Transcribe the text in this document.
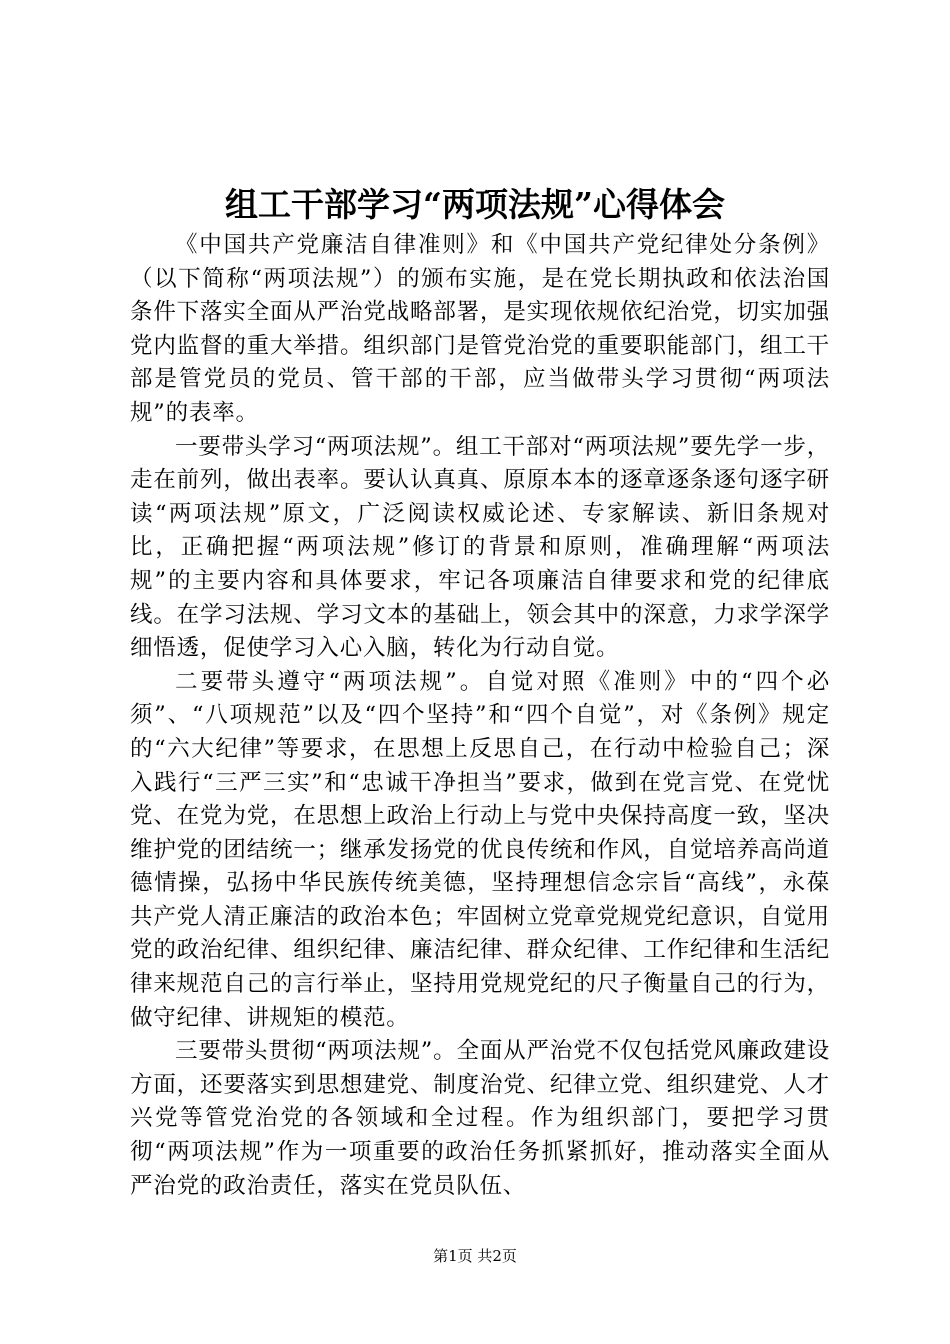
组工干部学习“两项法规”心得体会

《中国共产党廉洁自律准则》和《中国共产党纪律处分条例》（以下简称“两项法规”）的颁布实施，是在党长期执政和依法治国条件下落实全面从严治党战略部署，是实现依规依纪治党，切实加强党内监督的重大举措。组织部门是管党治党的重要职能部门，组工干部是管党员的党员、管干部的干部，应当做带头学习贯彻“两项法规”的表率。

一要带头学习“两项法规”。组工干部对“两项法规”要先学一步，走在前列，做出表率。要认认真真、原原本本的逐章逐条逐句逐字研读“两项法规”原文，广泛阅读权威论述、专家解读、新旧条规对比，正确把握“两项法规”修订的背景和原则，准确理解“两项法规”的主要内容和具体要求，牢记各项廉洁自律要求和党的纪律底线。在学习法规、学习文本的基础上，领会其中的深意，力求学深学细悟透，促使学习入心入脑，转化为行动自觉。

二要带头遵守“两项法规”。自觉对照《准则》中的“四个必须”、“八项规范”以及“四个坚持”和“四个自觉”，对《条例》规定的“六大纪律”等要求，在思想上反思自己，在行动中检验自己；深入践行“三严三实”和“忠诚干净担当”要求，做到在党言党、在党忧党、在党为党，在思想上政治上行动上与党中央保持高度一致，坚决维护党的团结统一；继承发扬党的优良传统和作风，自觉培养高尚道德情操，弘扬中华民族传统美德，坚持理想信念宗旨“高线”，永葆共产党人清正廉洁的政治本色；牢固树立党章党规党纪意识，自觉用党的政治纪律、组织纪律、廉洁纪律、群众纪律、工作纪律和生活纪律来规范自己的言行举止，坚持用党规党纪的尺子衡量自己的行为，做守纪律、讲规矩的模范。

三要带头贯彻“两项法规”。全面从严治党不仅包括党风廉政建设方面，还要落实到思想建党、制度治党、纪律立党、组织建党、人才兴党等管党治党的各领域和全过程。作为组织部门，要把学习贯彻“两项法规”作为一项重要的政治任务抓紧抓好，推动落实全面从严治党的政治责任，落实在党员队伍、

第1页 共2页
